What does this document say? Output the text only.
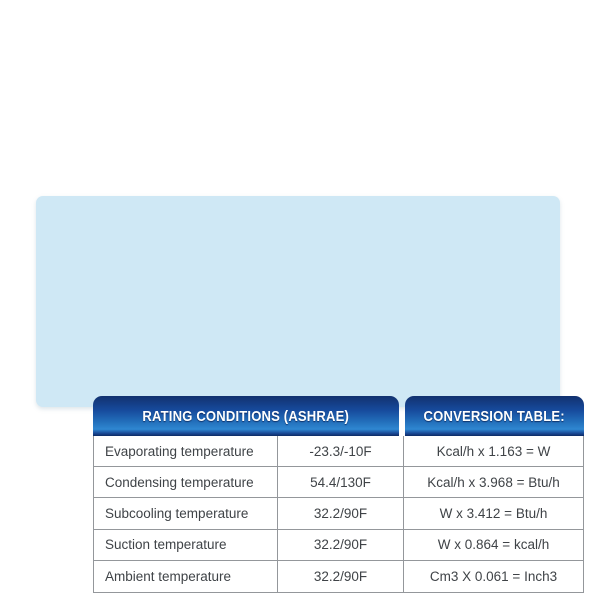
RATING CONDITIONS (ASHRAE)	CONVERSION TABLE:
Evaporating temperature	-23.3/-10F	Kcal/h x 1.163 = W
Condensing temperature	54.4/130F	Kcal/h x 3.968 = Btu/h
Subcooling temperature	32.2/90F	W x 3.412 = Btu/h
Suction temperature	32.2/90F	W x 0.864 = kcal/h
Ambient temperature	32.2/90F	Cm3 X 0.061 = Inch3
